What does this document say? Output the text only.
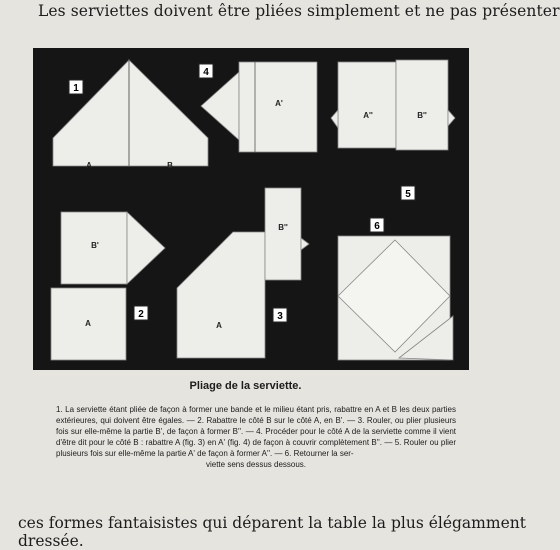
Les serviettes doivent être pliées simplement et ne pas présenter
1
4
5
6
2	3
A	B
A'
A''	B''
B'
A	A
B''
Pliage de la serviette.
1. La serviette étant pliée de façon à former une bande et le milieu étant pris, rabattre en A et B les deux parties extérieures, qui doivent être égales. — 2. Rabattre le côté B sur le côté A, en B'. — 3. Rouler, ou plier plusieurs fois sur elle-même la partie B', de façon à former B''. — 4. Procéder pour le côté A de la serviette comme il vient d'être dit pour le côté B : rabattre A (fig. 3) en A' (fig. 4) de façon à couvrir complètement B''. — 5. Rouler ou plier plusieurs fois sur elle-même la partie A' de façon à former A''. — 6. Retourner la ser-
viette sens dessus dessous.
ces formes fantaisistes qui déparent la table la plus élégamment
dressée.
